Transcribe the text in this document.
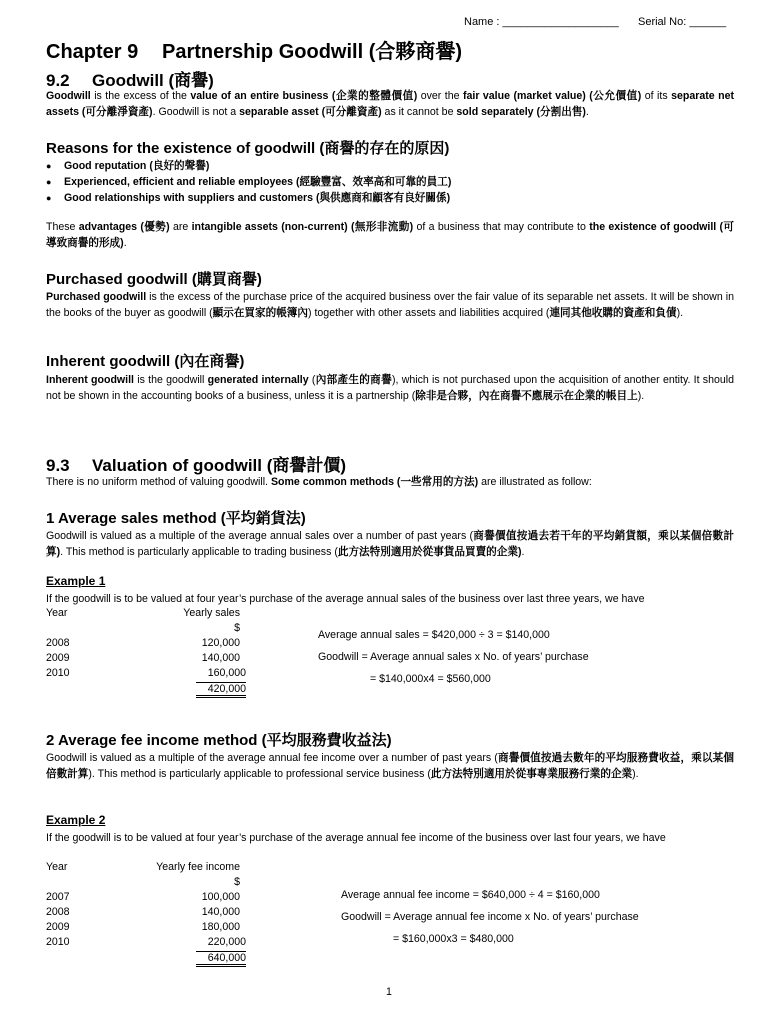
Name : ___________________ Serial No: ______
Chapter 9 Partnership Goodwill (合夥商譽)
9.2 Goodwill (商譽)

Goodwill is the excess of the value of an entire business (企業的整體價值) over the fair value (market value) (公允價值) of its separate net assets (可分離淨資產). Goodwill is not a separable asset (可分離資產) as it cannot be sold separately (分割出售).

Reasons for the existence of goodwill (商譽的存在的原因)

● Good reputation (良好的聲譽)

● Experienced, efficient and reliable employees (經驗豐富、效率高和可靠的員工)

● Good relationships with suppliers and customers (與供應商和顧客有良好關係)

These advantages (優勢) are intangible assets (non-current) (無形非流動) of a business that may contribute to the existence of goodwill (可導致商譽的形成).

Purchased goodwill (購買商譽)

Purchased goodwill is the excess of the purchase price of the acquired business over the fair value of its separable net assets. It will be shown in the books of the buyer as goodwill (顯示在買家的帳簿內) together with other assets and liabilities acquired (連同其他收購的資產和負債).

Inherent goodwill (內在商譽)

Inherent goodwill is the goodwill generated internally (內部產生的商譽), which is not purchased upon the acquisition of another entity. It should not be shown in the accounting books of a business, unless it is a partnership (除非是合夥，內在商譽不應展示在企業的帳目上).

9.3 Valuation of goodwill (商譽計價)

There is no uniform method of valuing goodwill. Some common methods (一些常用的方法) are illustrated as follow:

1 Average sales method (平均銷貨法)

Goodwill is valued as a multiple of the average annual sales over a number of past years (商譽價值按過去若干年的平均銷貨額，乘以某個倍數計算). This method is particularly applicable to trading business (此方法特別適用於從事貨品買賣的企業).

Example 1

If the goodwill is to be valued at four year’s purchase of the average annual sales of the business over last three years, we have

Year	Yearly sales
$
2008	120,000
2009	140,000
2010	160,000
420,000
Average annual sales = $420,000 ÷ 3 = $140,000
Goodwill = Average annual sales x No. of years’ purchase
= $140,000x4 = $560,000
2 Average fee income method (平均服務費收益法)

Goodwill is valued as a multiple of the average annual fee income over a number of past years (商譽價值按過去數年的平均服務費收益，乘以某個倍數計算). This method is particularly applicable to professional service business (此方法特別適用於從事專業服務行業的企業).

Example 2

If the goodwill is to be valued at four year’s purchase of the average annual fee income of the business over last four years, we have

Year	Yearly fee income
$
2007	100,000
2008	140,000
2009	180,000
2010	220,000
640,000
Average annual fee income = $640,000 ÷ 4 = $160,000
Goodwill = Average annual fee income x No. of years’ purchase
= $160,000x3 = $480,000
1
